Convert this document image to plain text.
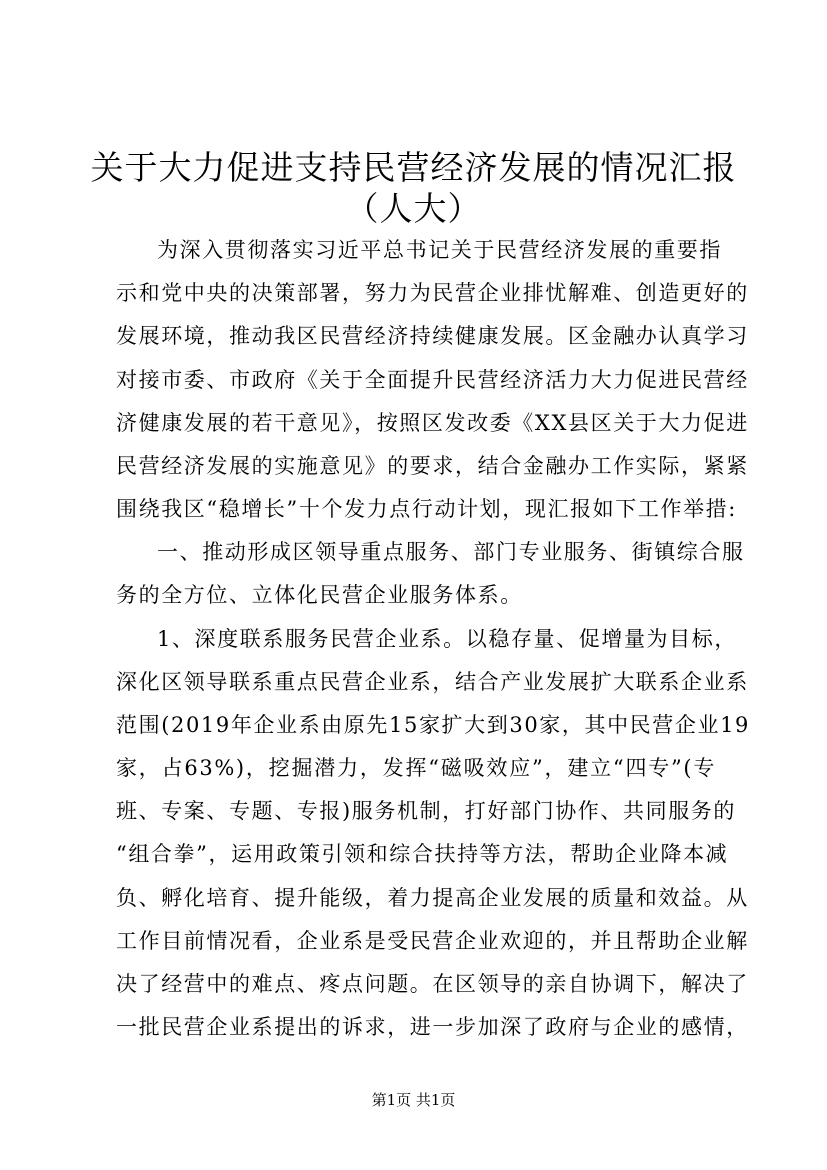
关于大力促进支持民营经济发展的情况汇报
（人大）
为深入贯彻落实习近平总书记关于民营经济发展的重要指
示和党中央的决策部署，努力为民营企业排忧解难、创造更好的
发展环境，推动我区民营经济持续健康发展。区金融办认真学习
对接市委、市政府《关于全面提升民营经济活力大力促进民营经
济健康发展的若干意见》，按照区发改委《XX县区关于大力促进
民营经济发展的实施意见》的要求，结合金融办工作实际，紧紧
围绕我区“稳增长”十个发力点行动计划，现汇报如下工作举措:
一、推动形成区领导重点服务、部门专业服务、街镇综合服
务的全方位、立体化民营企业服务体系。
1、深度联系服务民营企业系。以稳存量、促增量为目标，
深化区领导联系重点民营企业系，结合产业发展扩大联系企业系
范围(2019年企业系由原先15家扩大到30家，其中民营企业19
家，占63%)，挖掘潜力，发挥“磁吸效应”，建立“四专”(专
班、专案、专题、专报)服务机制，打好部门协作、共同服务的
“组合拳”，运用政策引领和综合扶持等方法，帮助企业降本减
负、孵化培育、提升能级，着力提高企业发展的质量和效益。从
工作目前情况看，企业系是受民营企业欢迎的，并且帮助企业解
决了经营中的难点、疼点问题。在区领导的亲自协调下，解决了
一批民营企业系提出的诉求，进一步加深了政府与企业的感情，
第1页 共1页
